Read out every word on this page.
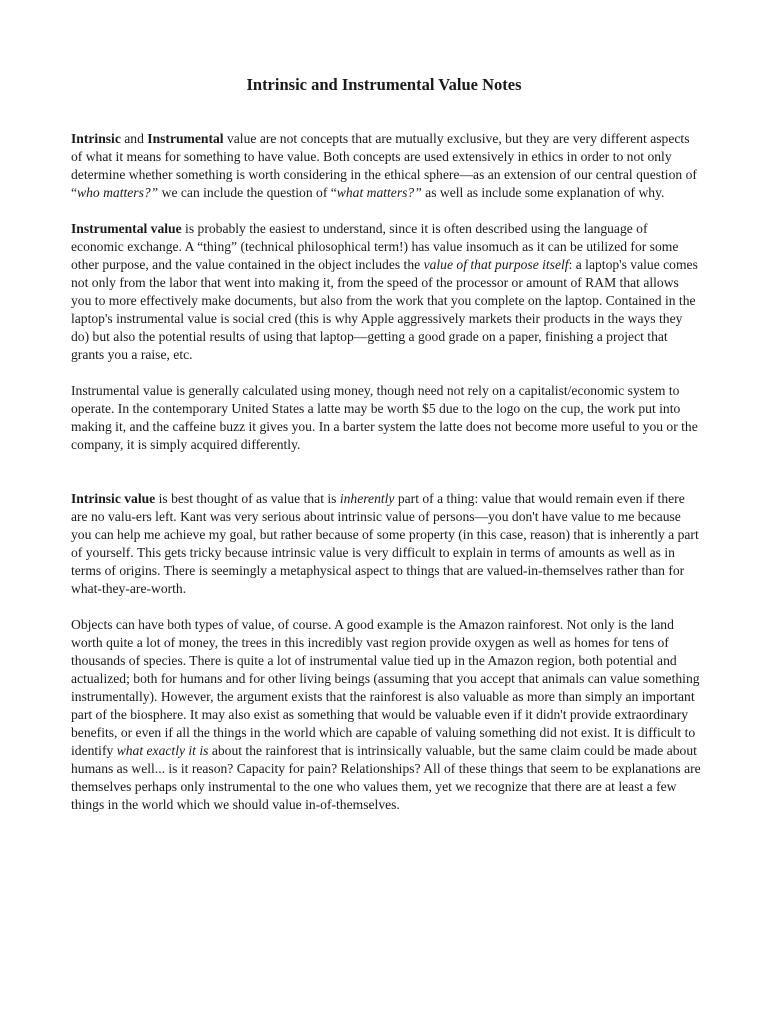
Intrinsic and Instrumental Value Notes

Intrinsic and Instrumental value are not concepts that are mutually exclusive, but they are very different aspects of what it means for something to have value. Both concepts are used extensively in ethics in order to not only determine whether something is worth considering in the ethical sphere—as an extension of our central question of “who matters?” we can include the question of “what matters?” as well as include some explanation of why.

Instrumental value is probably the easiest to understand, since it is often described using the language of economic exchange. A “thing” (technical philosophical term!) has value insomuch as it can be utilized for some other purpose, and the value contained in the object includes the value of that purpose itself: a laptop's value comes not only from the labor that went into making it, from the speed of the processor or amount of RAM that allows you to more effectively make documents, but also from the work that you complete on the laptop. Contained in the laptop's instrumental value is social cred (this is why Apple aggressively markets their products in the ways they do) but also the potential results of using that laptop—getting a good grade on a paper, finishing a project that grants you a raise, etc.

Instrumental value is generally calculated using money, though need not rely on a capitalist/economic system to operate. In the contemporary United States a latte may be worth $5 due to the logo on the cup, the work put into making it, and the caffeine buzz it gives you. In a barter system the latte does not become more useful to you or the company, it is simply acquired differently.

Intrinsic value is best thought of as value that is inherently part of a thing: value that would remain even if there are no valu-ers left. Kant was very serious about intrinsic value of persons—you don't have value to me because you can help me achieve my goal, but rather because of some property (in this case, reason) that is inherently a part of yourself. This gets tricky because intrinsic value is very difficult to explain in terms of amounts as well as in terms of origins. There is seemingly a metaphysical aspect to things that are valued-in-themselves rather than for what-they-are-worth.

Objects can have both types of value, of course. A good example is the Amazon rainforest. Not only is the land worth quite a lot of money, the trees in this incredibly vast region provide oxygen as well as homes for tens of thousands of species. There is quite a lot of instrumental value tied up in the Amazon region, both potential and actualized; both for humans and for other living beings (assuming that you accept that animals can value something instrumentally). However, the argument exists that the rainforest is also valuable as more than simply an important part of the biosphere. It may also exist as something that would be valuable even if it didn't provide extraordinary benefits, or even if all the things in the world which are capable of valuing something did not exist. It is difficult to identify what exactly it is about the rainforest that is intrinsically valuable, but the same claim could be made about humans as well... is it reason? Capacity for pain? Relationships? All of these things that seem to be explanations are themselves perhaps only instrumental to the one who values them, yet we recognize that there are at least a few things in the world which we should value in-of-themselves.
